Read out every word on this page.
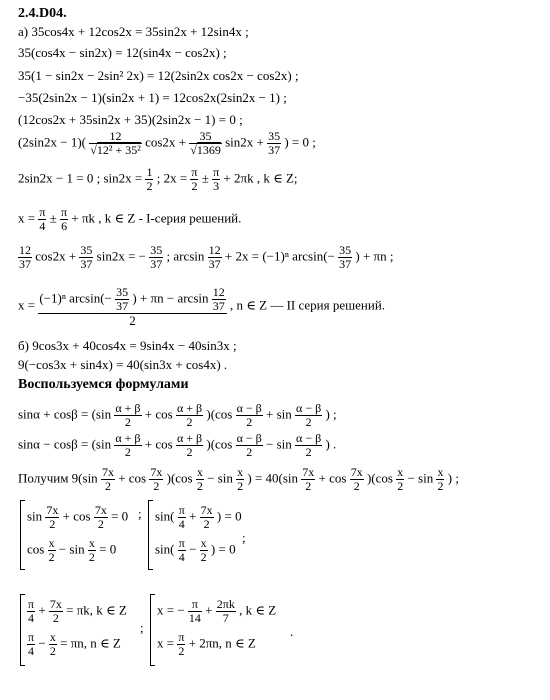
2.4.D04.
а) 35cos4x + 12cos2x = 35sin2x + 12sin4x ;
35(cos4x − sin2x) = 12(sin4x − cos2x) ;
35(1 − sin2x − 2sin² 2x) = 12(2sin2x cos2x − cos2x) ;
−35(2sin2x − 1)(sin2x + 1) = 12cos2x(2sin2x − 1) ;
(12cos2x + 35sin2x + 35)(2sin2x − 1) = 0 ;
$(2\sin 2x - 1)( \frac{12}{\text{√12² + 35²}} \cos 2x + \frac{35}{√1369} \sin 2x + \frac{35}{37}$ ) = 0 ;
2sin2x − 1 = 0 ; $\sin 2x = \frac{1}{2}$ ; $2x = \frac{\pi}{2} \pm \frac{\pi}{3} + 2\pi k$ , k ∈ Z;
$x = \frac{\pi}{4} \pm \frac{\pi}{6} + \pi k$ , k ∈ Z - I-серия решений.
$\frac{12}{37} \cos 2x + \frac{35}{37} \sin 2x$ = − $\frac{35}{37}$ ; $\arcsin \frac{12}{37} + 2x = (-1)^n$ $\arcsin(- \frac{35}{37}$ ) + πn ;
$x = \frac{(-1)^n \arcsin(- \frac{35}{37} ) + \pi n - \arcsin \frac{12}{37}}{2}$ , n ∈ Z — II серия решений.
б) 9cos3x + 40cos4x = 9sin4x − 40sin3x ;
9(−cos3x + sin4x) = 40(sin3x + cos4x) .
Воспользуемся формулами
$\sin\alpha + \cos\beta = (\sin \frac{\alpha + \beta}{2} + \cos \frac{\alpha + \beta}{2} )(\cos \frac{\alpha - \beta}{2} + \sin \frac{\alpha - \beta}{2}$ ) ;
$\sin\alpha - \cos\beta = (\sin \frac{\alpha + \beta}{2} + \cos \frac{\alpha + \beta}{2} )(\cos \frac{\alpha - \beta}{2} - \sin \frac{\alpha - \beta}{2}$ ) .
Получим $9(\sin \frac{7x}{2} + \cos \frac{7x}{2} )(\cos \frac{x}{2} - \sin \frac{x}{2}$ ) = $40(\sin \frac{7x}{2} + \cos \frac{7x}{2} )(\cos \frac{x}{2} - \sin \frac{x}{2}$ ) ;
$\sin \frac{7x}{2} + \cos \frac{7x}{2} = 0$
$\cos \frac{x}{2} - \sin \frac{x}{2} = 0$
;	$\sin( \frac{\pi}{4} + \frac{7x}{2}$ ) = 0
$\sin( \frac{\pi}{4} - \frac{x}{2}$ ) = 0
;
$\frac{\pi}{4} + \frac{7x}{2} = \pi k$, k ∈ Z
$\frac{\pi}{4} - \frac{x}{2} = \pi n$, n ∈ Z
;
x = − $\frac{\pi}{14} + \frac{2\pi k}{7}$ , k ∈ Z
$x = \frac{\pi}{2} + 2\pi n$, n ∈ Z
.
